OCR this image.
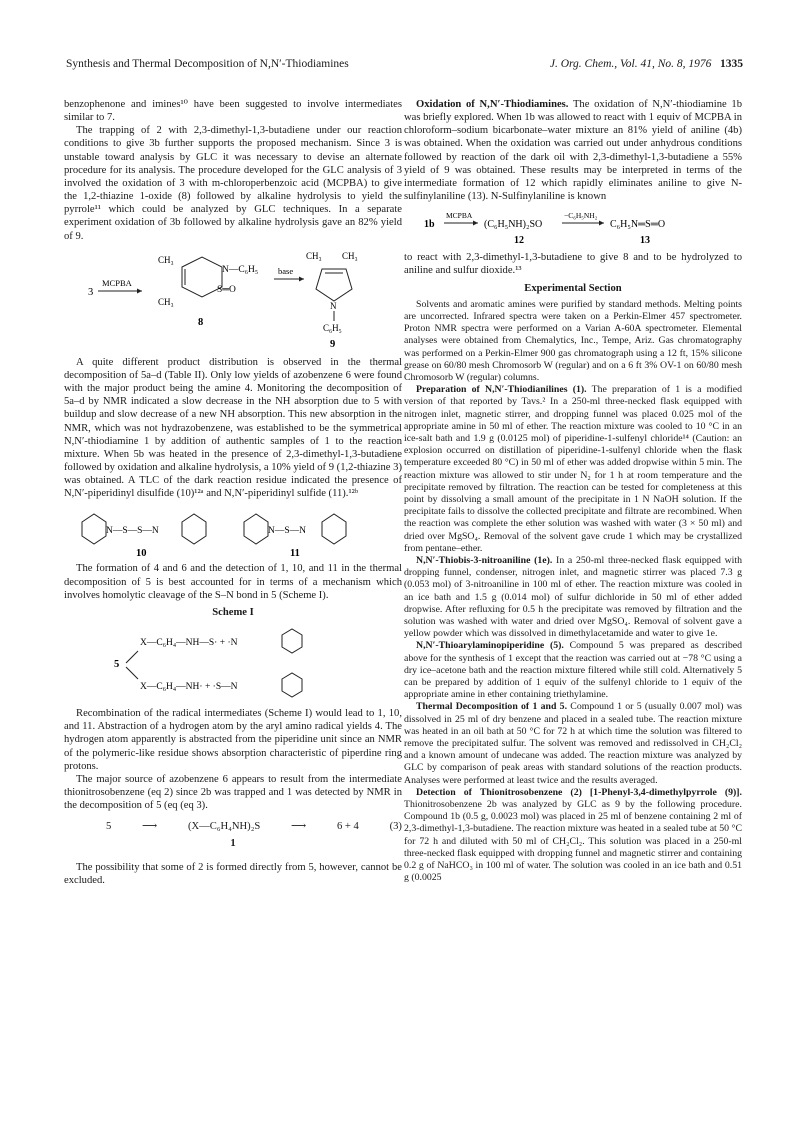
Synthesis and Thermal Decomposition of N,N′-Thiodiamines	J. Org. Chem., Vol. 41, No. 8, 1976 1335

benzophenone and imines¹⁰ have been suggested to involve intermediates similar to 7.

The trapping of 2 with 2,3-dimethyl-1,3-butadiene under our reaction conditions to give 3b further supports the proposed mechanism. Since 3 is unstable toward analysis by GLC it was necessary to devise an alternate procedure for its analysis. The procedure developed for the GLC analysis of 3 involved the oxidation of 3 with m-chloroperbenzoic acid (MCPBA) to give the 1,2-thiazine 1-oxide (8) followed by alkaline hydrolysis to yield the pyrrole¹¹ which could be analyzed by GLC techniques. In a separate experiment oxidation of 3b followed by alkaline hydrolysis gave an 82% yield of 9.

3
MCPBA
CH₃
CH₃
N—C₆H₅
S═O
8
base
CH₃ CH₃
N
C₆H₅
9

A quite different product distribution is observed in the thermal decomposition of 5a–d (Table II). Only low yields of azobenzene 6 were found with the major product being the amine 4. Monitoring the decomposition of 5a–d by NMR indicated a slow decrease in the NH absorption due to 5 with buildup and slow decrease of a new NH absorption. This new absorption in the NMR, which was not hydrazobenzene, was established to be the symmetrical N,N′-thiodiamine 1 by addition of authentic samples of 1 to the reaction mixture. When 5b was heated in the presence of 2,3-dimethyl-1,3-butadiene followed by oxidation and alkaline hydrolysis, a 10% yield of 9 (1,2-thiazine 3) was obtained. A TLC of the dark reaction residue indicated the presence of N,N′-piperidinyl disulfide (10)¹²ᵃ and N,N′-piperidinyl sulfide (11).¹²ᵇ

N—S—S—N
10
N—S—N
11

The formation of 4 and 6 and the detection of 1, 10, and 11 in the thermal decomposition of 5 is best accounted for in terms of a mechanism which involves homolytic cleavage of the S–N bond in 5 (Scheme I).

Scheme I
X—C₆H₄—NH—S· + ·N
5
X—C₆H₄—NH· + ·S—N

Recombination of the radical intermediates (Scheme I) would lead to 1, 10, and 11. Abstraction of a hydrogen atom by the aryl amino radical yields 4. The hydrogen atom apparently is abstracted from the piperidine unit since an NMR of the polymeric-like residue shows absorption characteristic of piperdine ring protons.

The major source of azobenzene 6 appears to result from the intermediate thionitrosobenzene (eq 2) since 2b was trapped and 1 was detected by NMR in the decomposition of 5 (eq (eq 3).

5	⟶	(X—C₆H₄NH)₂S	⟶	6 + 4	(3)
1

The possibility that some of 2 is formed directly from 5, however, cannot be excluded.

Oxidation of N,N′-Thiodiamines. The oxidation of N,N′-thiodiamine 1b was briefly explored. When 1b was allowed to react with 1 equiv of MCPBA in chloroform–sodium bicarbonate–water mixture an 81% yield of aniline (4b) was obtained. When the oxidation was carried out under anhydrous conditions followed by reaction of the dark oil with 2,3-dimethyl-1,3-butadiene a 55% yield of 9 was obtained. These results may be interpreted in terms of the intermediate formation of 12 which rapidly eliminates aniline to give N-sulfinylaniline (13). N-Sulfinylaniline is known

1b
MCPBA
(C₆H₅NH)₂SO
−C₆H₅NH₂
C₆H₅N═S═O
12	13

to react with 2,3-dimethyl-1,3-butadiene to give 8 and to be hydrolyzed to aniline and sulfur dioxide.¹³

Experimental Section

Solvents and aromatic amines were purified by standard methods. Melting points are uncorrected. Infrared spectra were taken on a Perkin-Elmer 457 spectrometer. Proton NMR spectra were performed on a Varian A-60A spectrometer. Elemental analyses were obtained from Chemalytics, Inc., Tempe, Ariz. Gas chromatography was performed on a Perkin-Elmer 900 gas chromatograph using a 12 ft, 15% silicone grease on 60/80 mesh Chromosorb W (regular) and on a 6 ft 3% OV-1 on 60/80 mesh Chromosorb W (regular) columns.

Preparation of N,N′-Thiodianilines (1). The preparation of 1 is a modified version of that reported by Tavs.² In a 250-ml three-necked flask equipped with nitrogen inlet, magnetic stirrer, and dropping funnel was placed 0.025 mol of the appropriate amine in 50 ml of ether. The reaction mixture was cooled to 10 °C in an ice-salt bath and 1.9 g (0.0125 mol) of piperidine-1-sulfenyl chloride¹⁴ (Caution: an explosion occurred on distillation of piperidine-1-sulfenyl chloride when the flask temperature exceeded 80 °C) in 50 ml of ether was added dropwise within 5 min. The reaction mixture was allowed to stir under N₂ for 1 h at room temperature and the precipitate removed by filtration. The reaction can be tested for completeness at this point by dissolving a small amount of the precipitate in 1 N NaOH solution. If the precipitate fails to dissolve the collected precipitate and filtrate are recombined. When the reaction was complete the ether solution was washed with water (3 × 50 ml) and dried over MgSO₄. Removal of the solvent gave crude 1 which may be crystallized from pentane–ether.

N,N′-Thiobis-3-nitroaniline (1e). In a 250-ml three-necked flask equipped with dropping funnel, condenser, nitrogen inlet, and magnetic stirrer was placed 7.3 g (0.053 mol) of 3-nitroaniline in 100 ml of ether. The reaction mixture was cooled in an ice bath and 1.5 g (0.014 mol) of sulfur dichloride in 50 ml of ether added dropwise. After refluxing for 0.5 h the precipitate was removed by filtration and the solution was washed with water and dried over MgSO₄. Removal of solvent gave a yellow powder which was dissolved in dimethylacetamide and water to give 1e.

N,N′-Thioarylaminopiperidine (5). Compound 5 was prepared as described above for the synthesis of 1 except that the reaction was carried out at −78 °C using a dry ice–acetone bath and the reaction mixture filtered while still cold. Alternatively 5 can be prepared by addition of 1 equiv of the sulfenyl chloride to 1 equiv of the appropriate amine in ether containing triethylamine.

Thermal Decomposition of 1 and 5. Compound 1 or 5 (usually 0.007 mol) was dissolved in 25 ml of dry benzene and placed in a sealed tube. The reaction mixture was heated in an oil bath at 50 °C for 72 h at which time the solution was filtered to remove the precipitated sulfur. The solvent was removed and redissolved in CH₂Cl₂ and a known amount of undecane was added. The reaction mixture was analyzed by GLC by comparison of peak areas with standard solutions of the reaction products. Analyses were performed at least twice and the results averaged.

Detection of Thionitrosobenzene (2) [1-Phenyl-3,4-dimethylpyrrole (9)]. Thionitrosobenzene 2b was analyzed by GLC as 9 by the following procedure. Compound 1b (0.5 g, 0.0023 mol) was placed in 25 ml of benzene containing 2 ml of 2,3-dimethyl-1,3-butadiene. The reaction mixture was heated in a sealed tube at 50 °C for 72 h and diluted with 50 ml of CH₂Cl₂. This solution was placed in a 250-ml three-necked flask equipped with dropping funnel and magnetic stirrer and containing 0.2 g of NaHCO₃ in 100 ml of water. The solution was cooled in an ice bath and 0.51 g (0.0025
